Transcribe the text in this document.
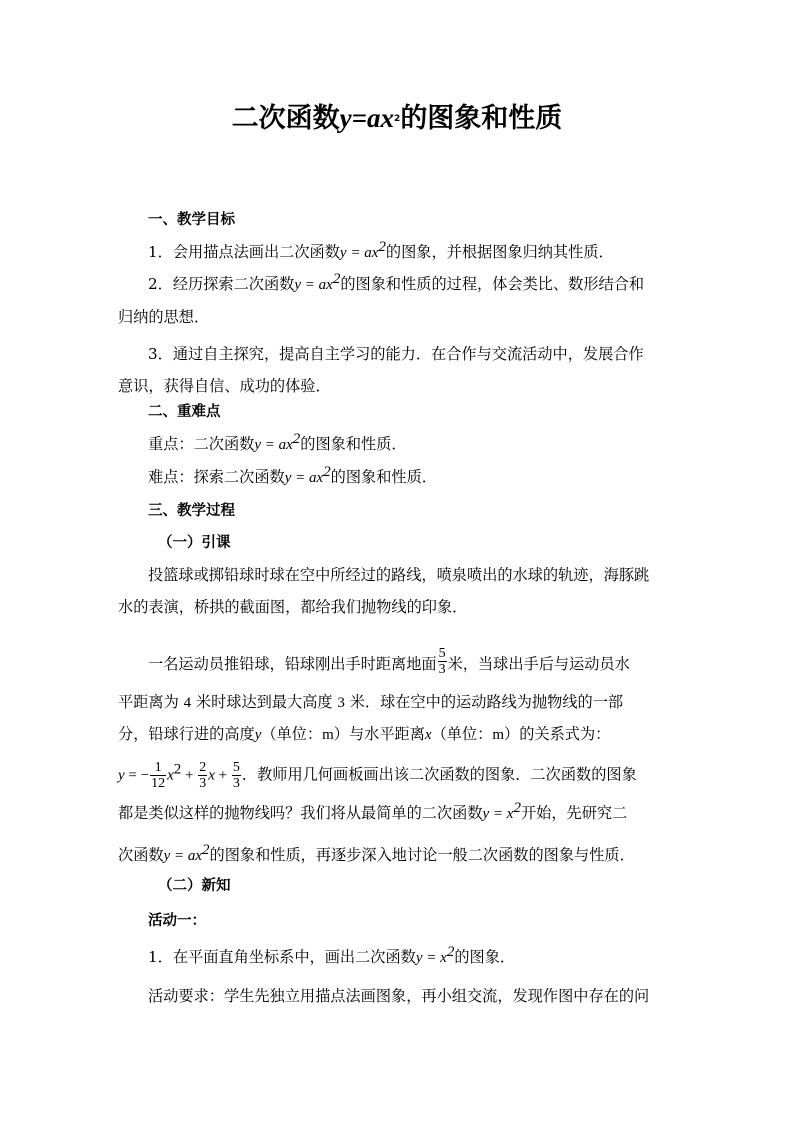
二次函数$y=ax^2$的图象和性质
一、教学目标
1．会用描点法画出二次函数$y = ax^2$的图象，并根据图象归纳其性质．
2．经历探索二次函数$y = ax^2$的图象和性质的过程，体会类比、数形结合和
归纳的思想．
3．通过自主探究，提高自主学习的能力．在合作与交流活动中，发展合作
意识，获得自信、成功的体验．
二、重难点
重点：二次函数$y = ax^2$的图象和性质．
难点：探索二次函数$y = ax^2$的图象和性质．
三、教学过程
（一）引课
投篮球或掷铅球时球在空中所经过的路线，喷泉喷出的水球的轨迹，海豚跳
水的表演，桥拱的截面图，都给我们抛物线的印象．
一名运动员推铅球，铅球刚出手时距离地面 $\frac{5}{3}$ 米，当球出手后与运动员水
平距离为 4 米时球达到最大高度 3 米．球在空中的运动路线为抛物线的一部
分，铅球行进的高度y（单位：m）与水平距离x（单位：m）的关系式为：
y = − $\frac{1}{12} x^2 + \frac{2}{3}$ $x + \frac{5}{3}$ ．教师用几何画板画出该二次函数的图象．二次函数的图象
都是类似这样的抛物线吗？我们将从最简单的二次函数$y = x^2$开始，先研究二
次函数$y = ax^2$的图象和性质，再逐步深入地讨论一般二次函数的图象与性质．
（二）新知
活动一：
1．在平面直角坐标系中，画出二次函数$y = x^2$的图象．
活动要求：学生先独立用描点法画图象，再小组交流，发现作图中存在的问
